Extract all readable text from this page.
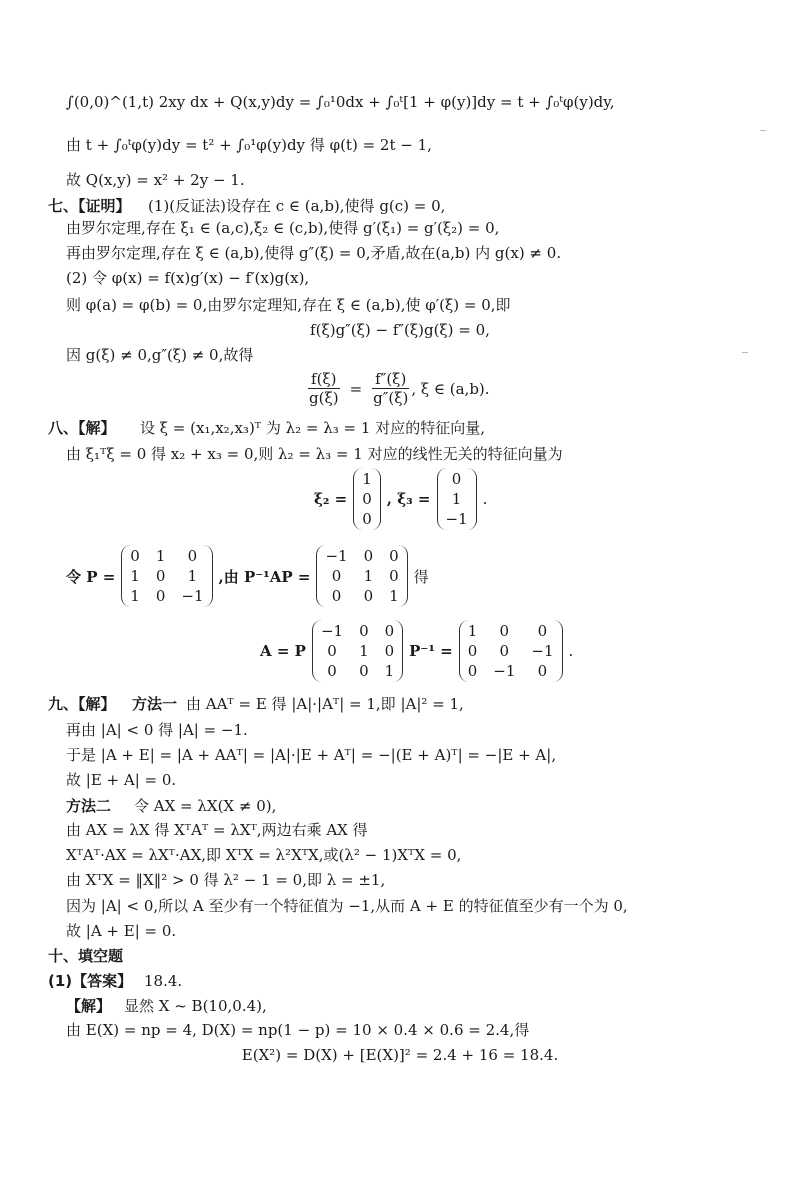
∫(0,0)^(1,t) 2xy dx + Q(x,y)dy = ∫₀¹0dx + ∫₀ᵗ[1 + φ(y)]dy = t + ∫₀ᵗφ(y)dy,
由 t + ∫₀ᵗφ(y)dy = t² + ∫₀¹φ(y)dy 得 φ(t) = 2t − 1,
故 Q(x,y) = x² + 2y − 1.
七、【证明】 (1)(反证法)设存在 c ∈ (a,b),使得 g(c) = 0,
由罗尔定理,存在 ξ₁ ∈ (a,c),ξ₂ ∈ (c,b),使得 g′(ξ₁) = g′(ξ₂) = 0,
再由罗尔定理,存在 ξ ∈ (a,b),使得 g″(ξ) = 0,矛盾,故在(a,b) 内 g(x) ≠ 0.
(2) 令 φ(x) = f(x)g′(x) − f′(x)g(x),
则 φ(a) = φ(b) = 0,由罗尔定理知,存在 ξ ∈ (a,b),使 φ′(ξ) = 0,即
f(ξ)g″(ξ) − f″(ξ)g(ξ) = 0,
因 g(ξ) ≠ 0,g″(ξ) ≠ 0,故得
$\frac{f(\xi)}{g(\xi)} = \frac{f''(\xi)}{g''(\xi)}$ , ξ ∈ (a,b).
八、【解】 设 ξ = (x₁,x₂,x₃)ᵀ 为 λ₂ = λ₃ = 1 对应的特征向量,
由 ξ₁ᵀξ = 0 得 x₂ + x₃ = 0,则 λ₂ = λ₃ = 1 对应的线性无关的特征向量为
ξ₂ =
1
0
0
, ξ₃ =
0
1
−1
.
令 P =
0 1	0
1 0	1
1 0 −1
,由 P⁻¹AP =
−1 0 0
0	1 0
0	0 1
得
A = P
−1 0 0
0	1 0
0	0 1
P⁻¹ =
1	0	0
0	0	−1
0 −1	0
.
九、【解】 方法一 由 AAᵀ = E 得 |A|·|Aᵀ| = 1,即 |A|² = 1,
再由 |A| < 0 得 |A| = −1.
于是 |A + E| = |A + AAᵀ| = |A|·|E + Aᵀ| = −|(E + A)ᵀ| = −|E + A|,
故 |E + A| = 0.
方法二 令 AX = λX(X ≠ 0),
由 AX = λX 得 XᵀAᵀ = λXᵀ,两边右乘 AX 得
XᵀAᵀ·AX = λXᵀ·AX,即 XᵀX = λ²XᵀX,或(λ² − 1)XᵀX = 0,
由 XᵀX = ‖X‖² > 0 得 λ² − 1 = 0,即 λ = ±1,
因为 |A| < 0,所以 A 至少有一个特征值为 −1,从而 A + E 的特征值至少有一个为 0,
故 |A + E| = 0.
十、填空题
(1)【答案】 18.4.
【解】 显然 X ~ B(10,0.4),
由 E(X) = np = 4, D(X) = np(1 − p) = 10 × 0.4 × 0.6 = 2.4,得
E(X²) = D(X) + [E(X)]² = 2.4 + 16 = 18.4.
